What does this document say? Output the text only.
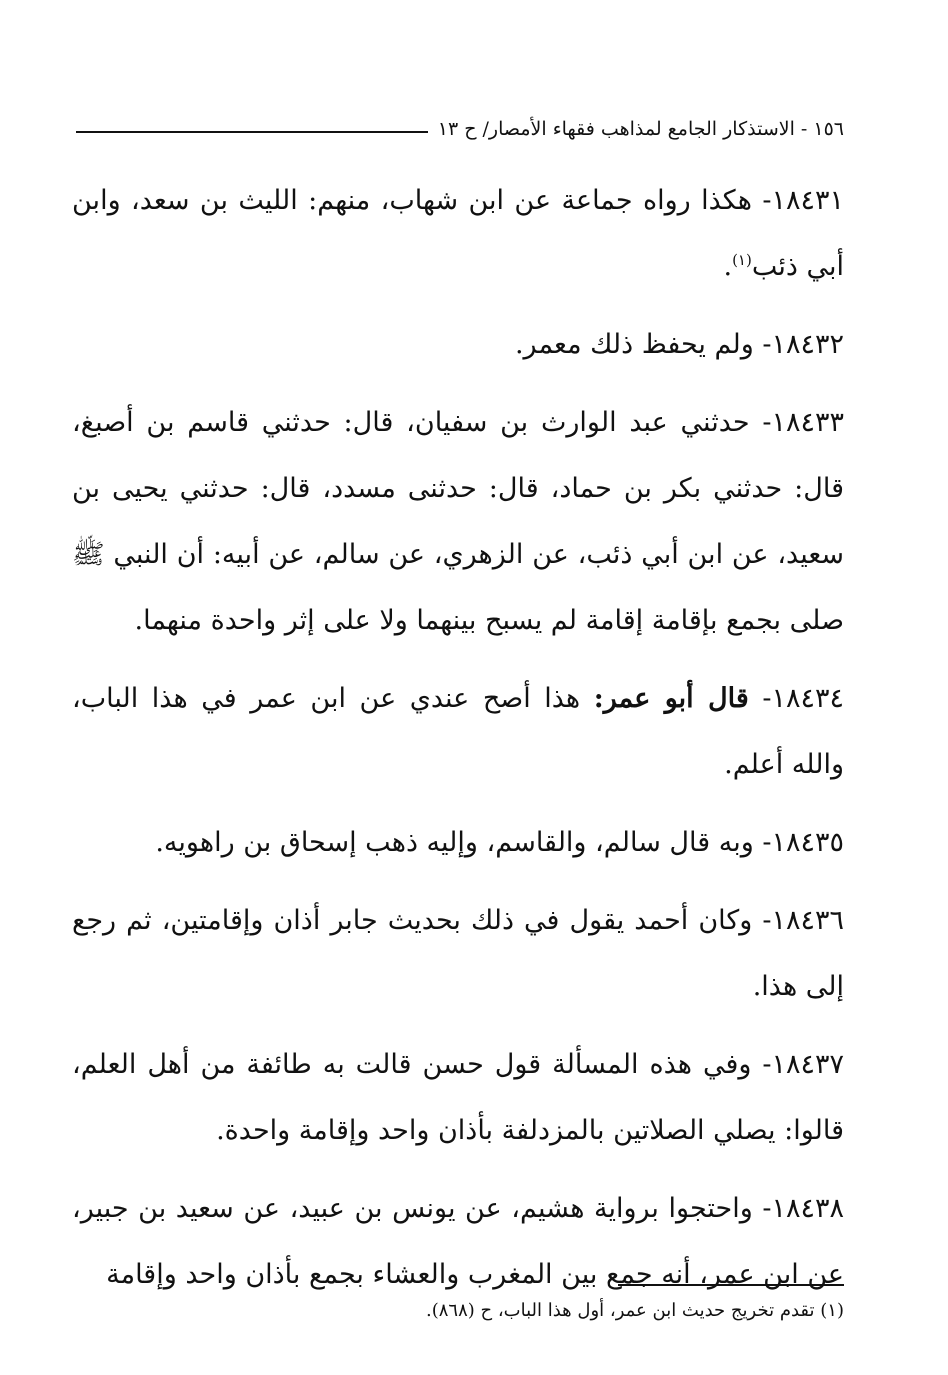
١٥٦ - الاستذكار الجامع لمذاهب فقهاء الأمصار/ ح ١٣

١٨٤٣١- هكذا رواه جماعة عن ابن شهاب، منهم: الليث بن سعد، وابن أبي ذئب$^{(١)}$.

١٨٤٣٢- ولم يحفظ ذلك معمر.

١٨٤٣٣- حدثني عبد الوارث بن سفيان، قال: حدثني قاسم بن أصبغ، قال: حدثني بكر بن حماد، قال: حدثنى مسدد، قال: حدثني يحيى بن سعيد، عن ابن أبي ذئب، عن الزهري، عن سالم، عن أبيه: أن النبي ﷺ صلى بجمع بإقامة إقامة لم يسبح بينهما ولا على إثر واحدة منهما.

١٨٤٣٤- قال أبو عمر: هذا أصح عندي عن ابن عمر في هذا الباب، والله أعلم.

١٨٤٣٥- وبه قال سالم، والقاسم، وإليه ذهب إسحاق بن راهويه.

١٨٤٣٦- وكان أحمد يقول في ذلك بحديث جابر أذان وإقامتين، ثم رجع إلى هذا.

١٨٤٣٧- وفي هذه المسألة قول حسن قالت به طائفة من أهل العلم، قالوا: يصلي الصلاتين بالمزدلفة بأذان واحد وإقامة واحدة.

١٨٤٣٨- واحتجوا برواية هشيم، عن يونس بن عبيد، عن سعيد بن جبير، عن ابن عمر، أنه جمع بين المغرب والعشاء بجمع بأذان واحد وإقامة

(١) تقدم تخريج حديث ابن عمر، أول هذا الباب، ح (٨٦٨).
